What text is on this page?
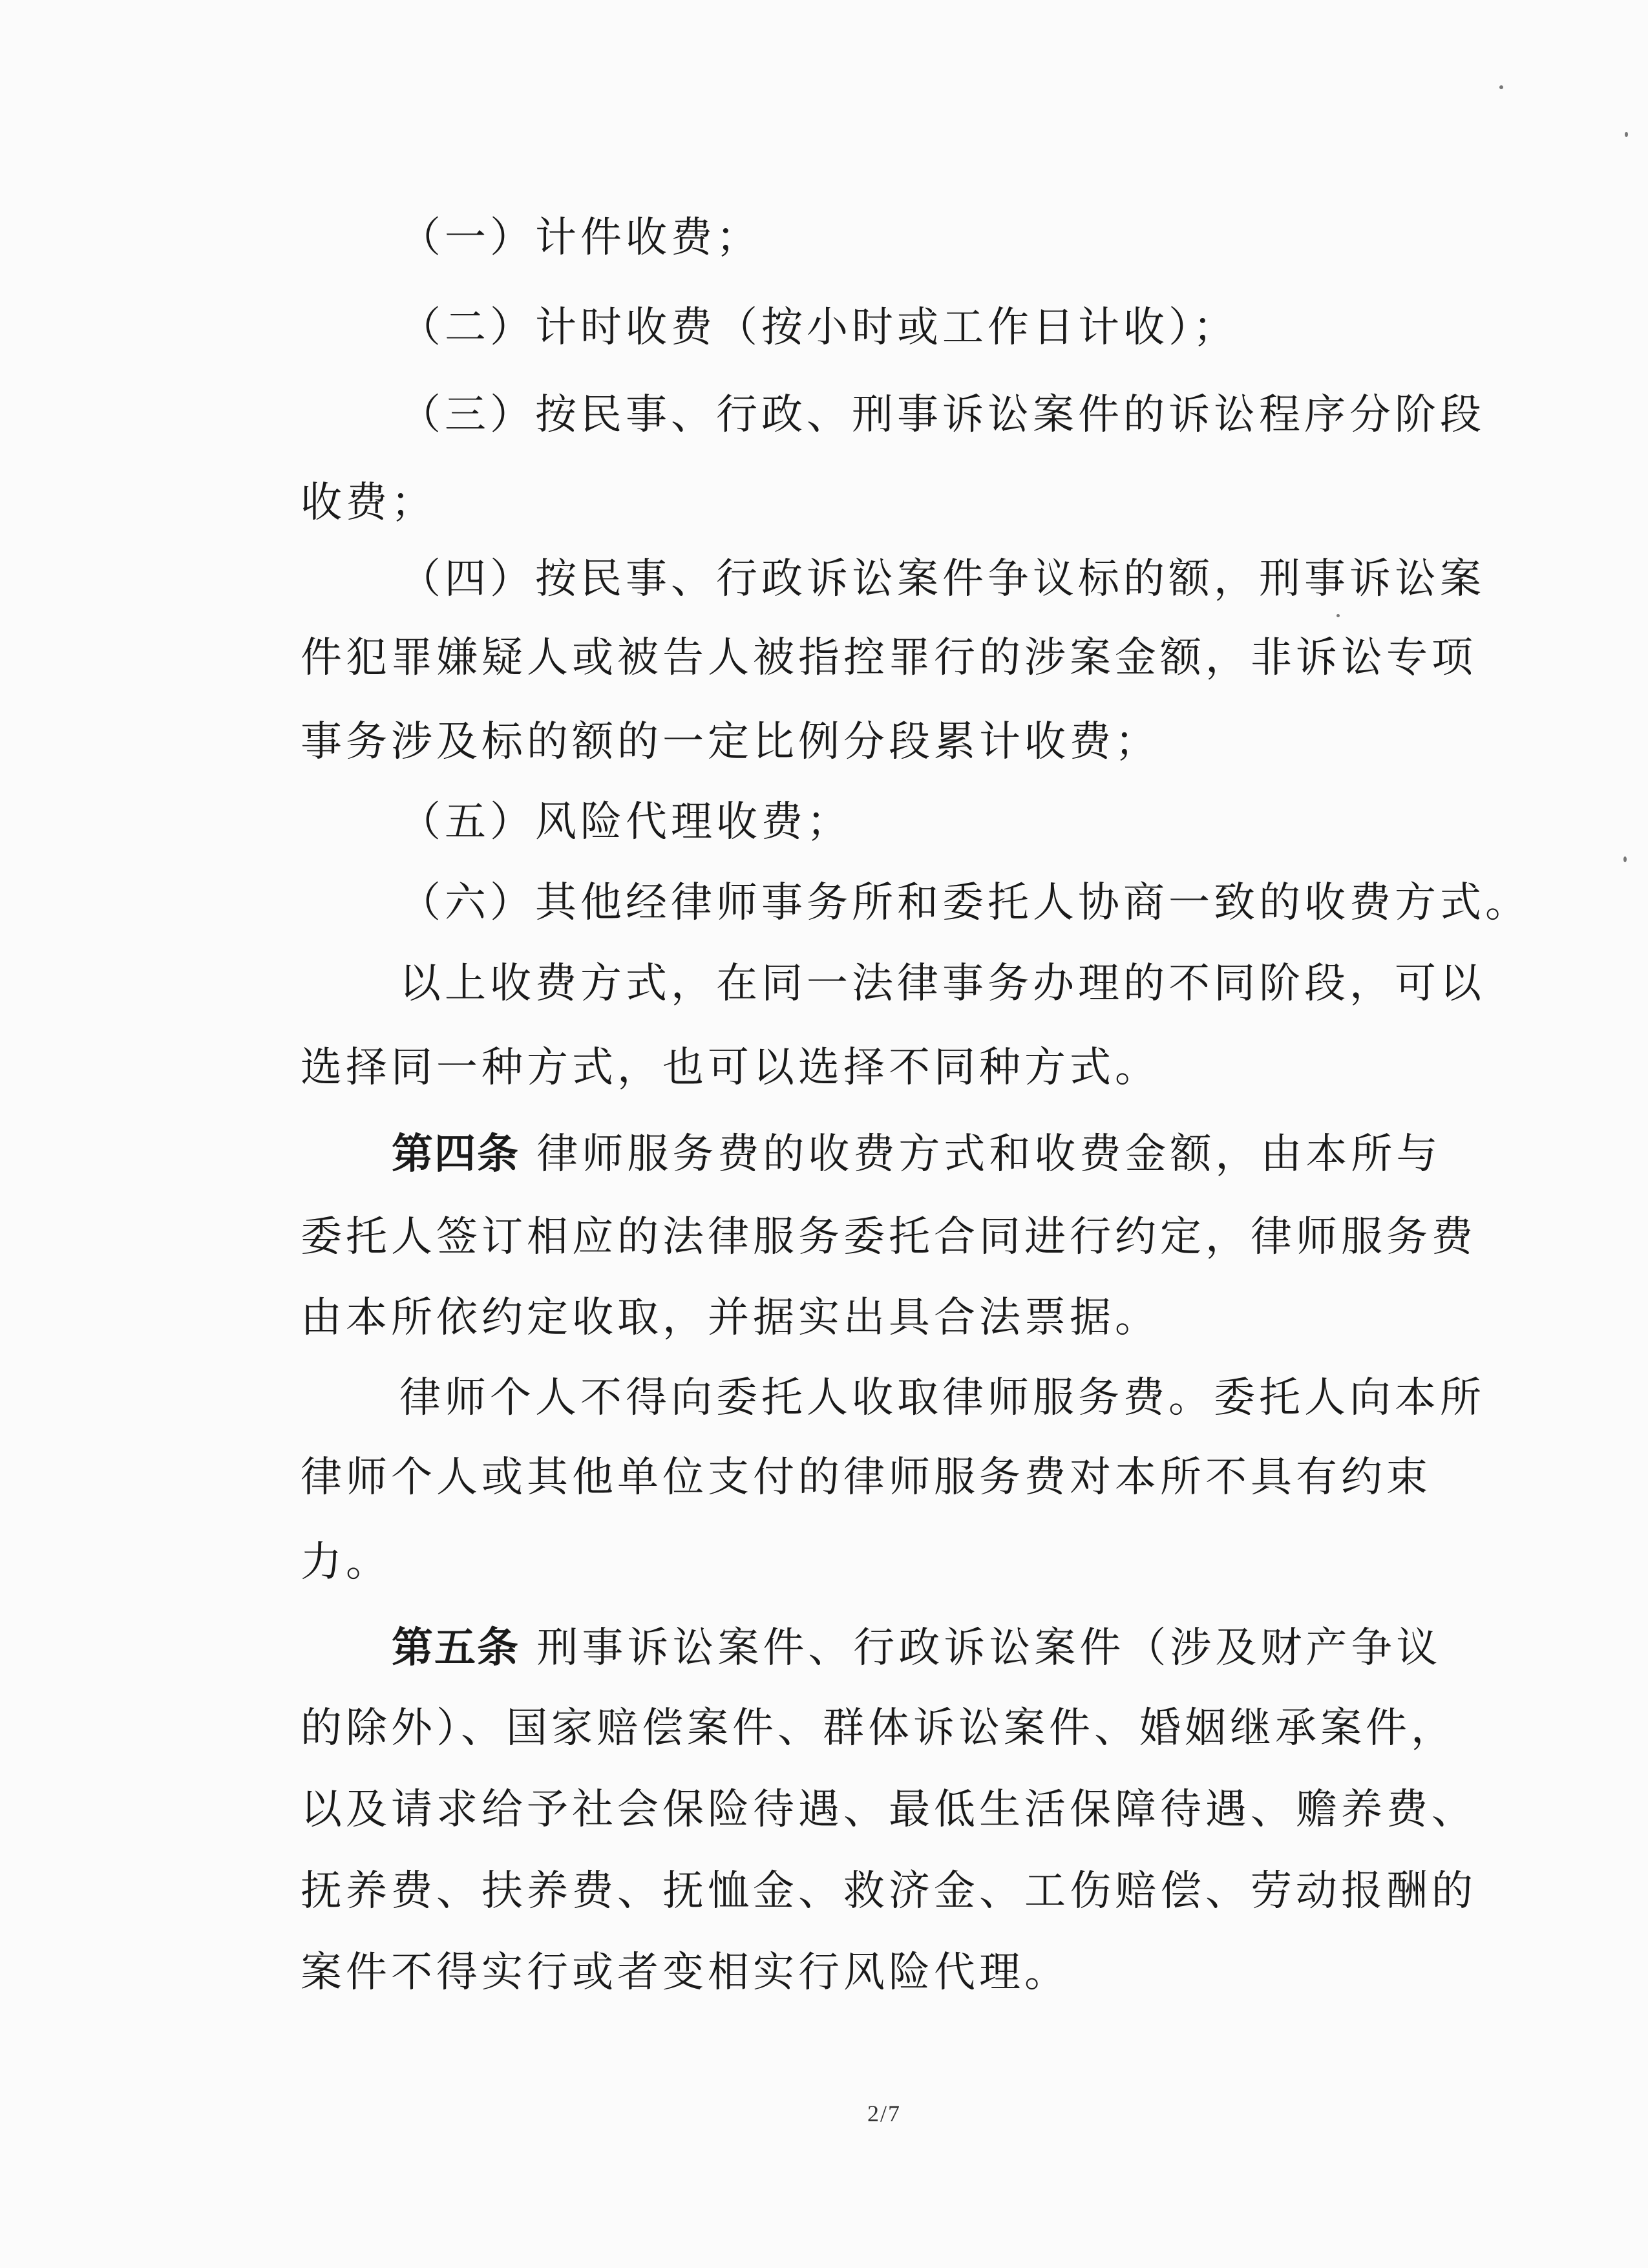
（一）计件收费；
（二）计时收费（按小时或工作日计收）；
（三）按民事、行政、刑事诉讼案件的诉讼程序分阶段
收费；
（四）按民事、行政诉讼案件争议标的额，刑事诉讼案
件犯罪嫌疑人或被告人被指控罪行的涉案金额，非诉讼专项
事务涉及标的额的一定比例分段累计收费；
（五）风险代理收费；
（六）其他经律师事务所和委托人协商一致的收费方式。
以上收费方式，在同一法律事务办理的不同阶段，可以
选择同一种方式，也可以选择不同种方式。
第四条 律师服务费的收费方式和收费金额，由本所与
委托人签订相应的法律服务委托合同进行约定，律师服务费
由本所依约定收取，并据实出具合法票据。
律师个人不得向委托人收取律师服务费。委托人向本所
律师个人或其他单位支付的律师服务费对本所不具有约束
力。
第五条 刑事诉讼案件、行政诉讼案件（涉及财产争议
的除外）、国家赔偿案件、群体诉讼案件、婚姻继承案件，
以及请求给予社会保险待遇、最低生活保障待遇、赡养费、
抚养费、扶养费、抚恤金、救济金、工伤赔偿、劳动报酬的
案件不得实行或者变相实行风险代理。
2/7
